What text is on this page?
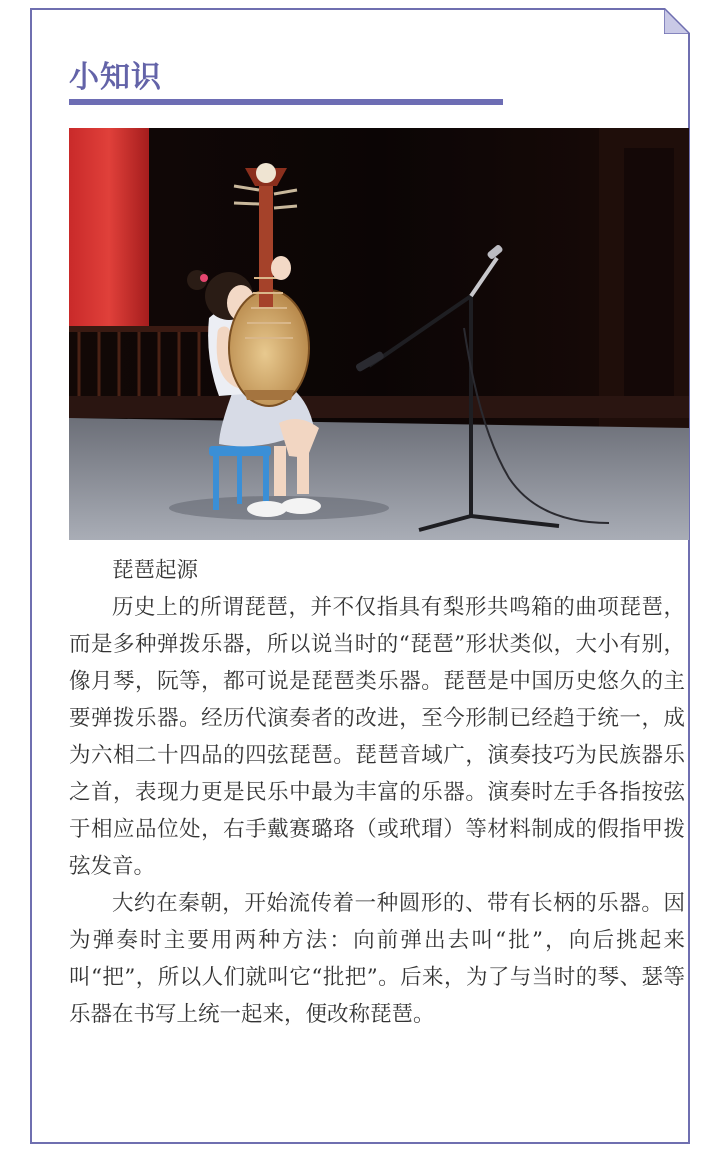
小知识

琵琶起源

历史上的所谓琵琶，并不仅指具有梨形共鸣箱的曲项琵琶，而是多种弹拨乐器，所以说当时的“琵琶”形状类似，大小有别，像月琴，阮等，都可说是琵琶类乐器。琵琶是中国历史悠久的主要弹拨乐器。经历代演奏者的改进，至今形制已经趋于统一，成为六相二十四品的四弦琵琶。琵琶音域广，演奏技巧为民族器乐之首，表现力更是民乐中最为丰富的乐器。演奏时左手各指按弦于相应品位处，右手戴赛璐珞（或玳瑁）等材料制成的假指甲拨弦发音。

大约在秦朝，开始流传着一种圆形的、带有长柄的乐器。因为弹奏时主要用两种方法：向前弹出去叫“批”，向后挑起来叫“把”，所以人们就叫它“批把”。后来，为了与当时的琴、瑟等乐器在书写上统一起来，便改称琵琶。
